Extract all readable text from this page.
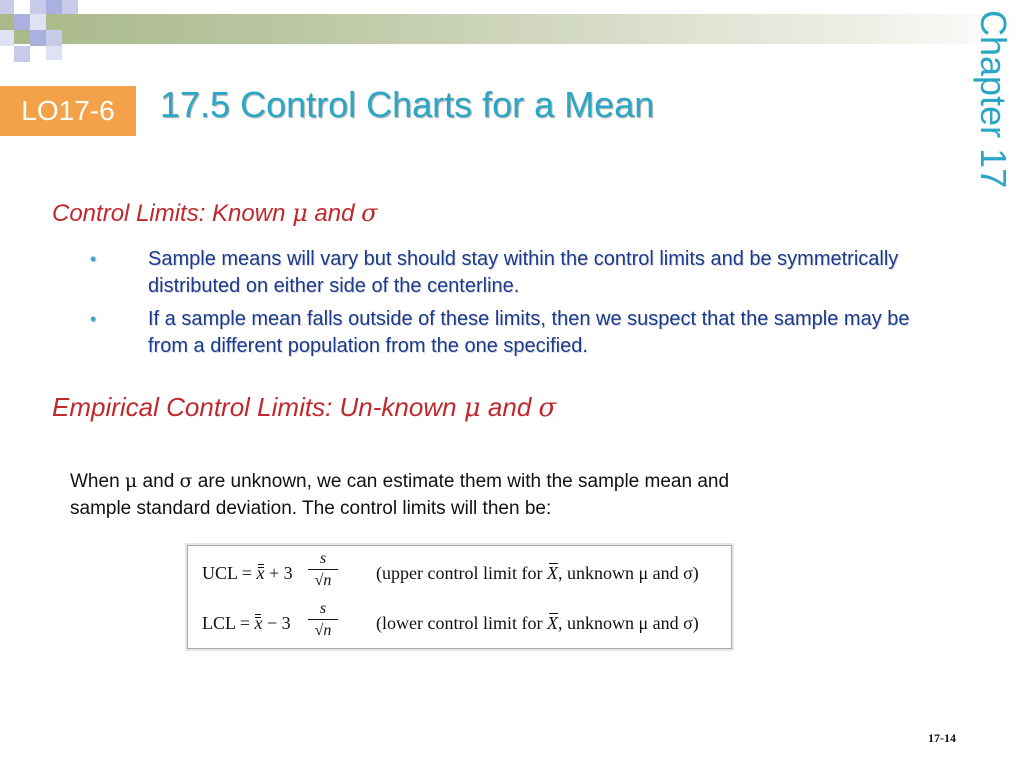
LO17-6	17.5 Control Charts for a Mean	Chapter 17
Control Limits: Known μ and σ
•	Sample means will vary but should stay within the control limits and be symmetrically distributed on either side of the centerline.
•	If a sample mean falls outside of these limits, then we suspect that the sample may be from a different population from the one specified.
Empirical Control Limits: Un-known μ and σ

When μ and σ are unknown, we can estimate them with the sample mean and sample standard deviation. The control limits will then be:

UCL = x + 3
s
√n	(upper control limit for X, unknown μ and σ)
LCL = x − 3
s
√n	(lower control limit for X, unknown μ and σ)
17-14
